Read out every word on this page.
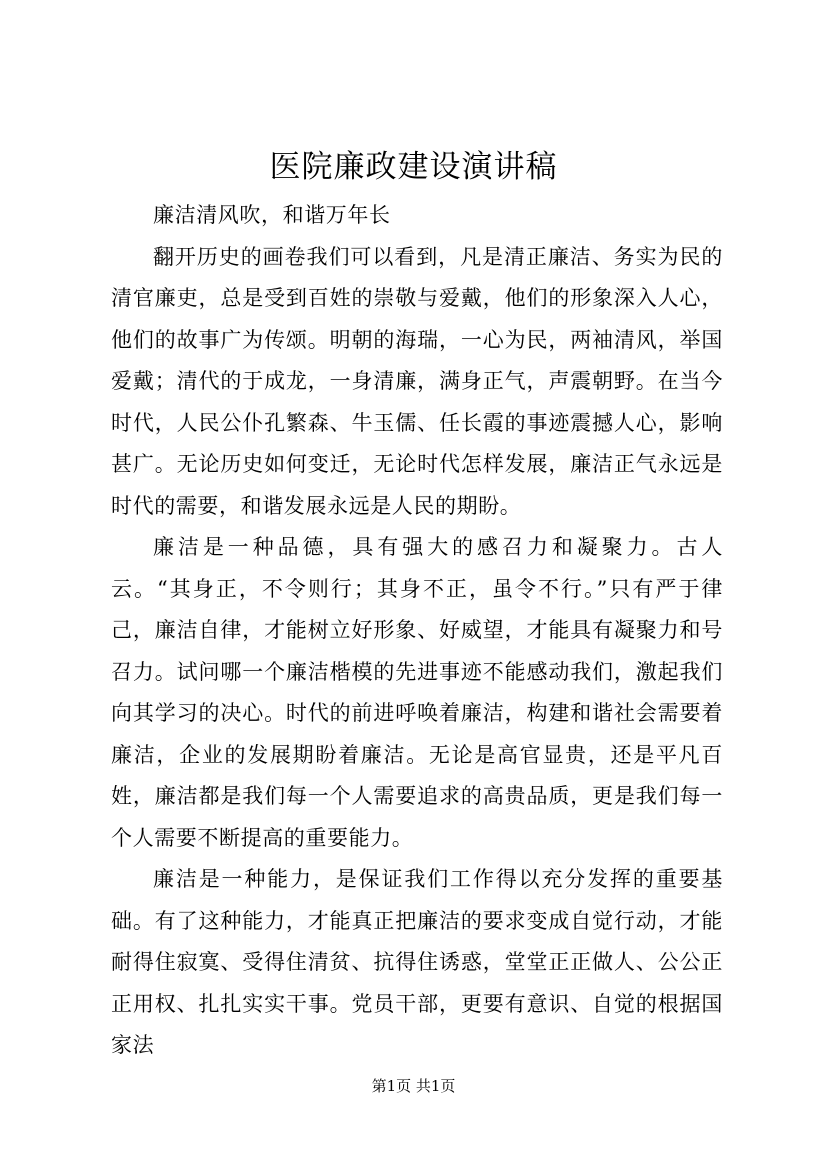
医院廉政建设演讲稿

廉洁清风吹，和谐万年长

翻开历史的画卷我们可以看到，凡是清正廉洁、务实为民的清官廉吏，总是受到百姓的崇敬与爱戴，他们的形象深入人心，他们的故事广为传颂。明朝的海瑞，一心为民，两袖清风，举国爱戴；清代的于成龙，一身清廉，满身正气，声震朝野。在当今时代，人民公仆孔繁森、牛玉儒、任长霞的事迹震撼人心，影响甚广。无论历史如何变迁，无论时代怎样发展，廉洁正气永远是时代的需要，和谐发展永远是人民的期盼。

廉洁是一种品德，具有强大的感召力和凝聚力。古人云。“其身正，不令则行；其身不正，虽令不行。”只有严于律己，廉洁自律，才能树立好形象、好威望，才能具有凝聚力和号召力。试问哪一个廉洁楷模的先进事迹不能感动我们，激起我们向其学习的决心。时代的前进呼唤着廉洁，构建和谐社会需要着廉洁，企业的发展期盼着廉洁。无论是高官显贵，还是平凡百姓，廉洁都是我们每一个人需要追求的高贵品质，更是我们每一个人需要不断提高的重要能力。

廉洁是一种能力，是保证我们工作得以充分发挥的重要基础。有了这种能力，才能真正把廉洁的要求变成自觉行动，才能耐得住寂寞、受得住清贫、抗得住诱惑，堂堂正正做人、公公正正用权、扎扎实实干事。党员干部，更要有意识、自觉的根据国家法

第1页 共1页
